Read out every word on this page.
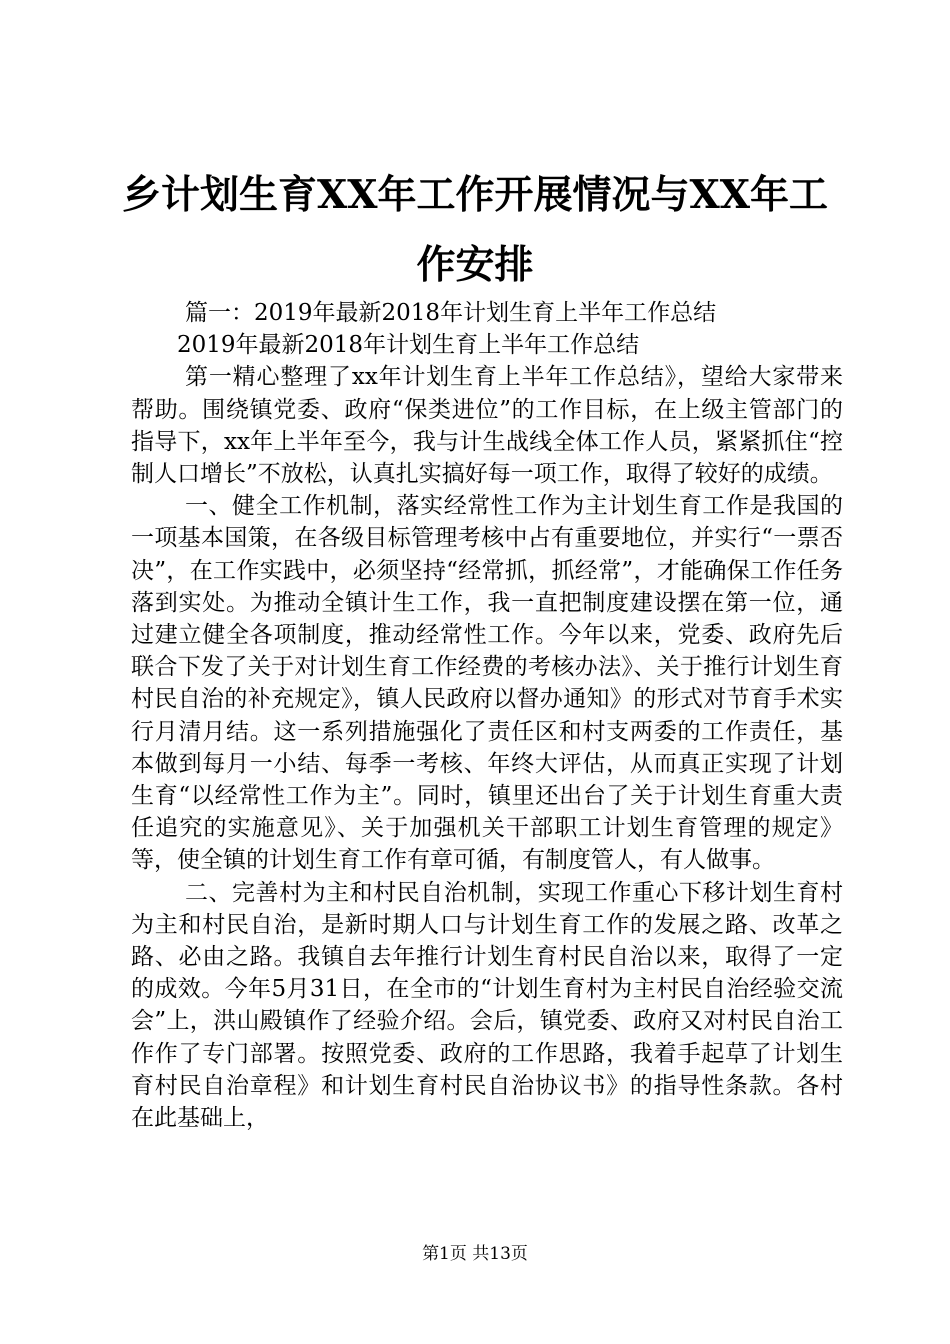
乡计划生育XX年工作开展情况与XX年工作安排

篇一：2019年最新2018年计划生育上半年工作总结

2019年最新2018年计划生育上半年工作总结

第一精心整理了xx年计划生育上半年工作总结》，望给大家带来帮助。围绕镇党委、政府“保类进位”的工作目标，在上级主管部门的指导下，xx年上半年至今，我与计生战线全体工作人员，紧紧抓住“控制人口增长”不放松，认真扎实搞好每一项工作，取得了较好的成绩。

一、健全工作机制，落实经常性工作为主计划生育工作是我国的一项基本国策，在各级目标管理考核中占有重要地位，并实行“一票否决”，在工作实践中，必须坚持“经常抓，抓经常”，才能确保工作任务落到实处。为推动全镇计生工作，我一直把制度建设摆在第一位，通过建立健全各项制度，推动经常性工作。今年以来，党委、政府先后联合下发了关于对计划生育工作经费的考核办法》、关于推行计划生育村民自治的补充规定》，镇人民政府以督办通知》的形式对节育手术实行月清月结。这一系列措施强化了责任区和村支两委的工作责任，基本做到每月一小结、每季一考核、年终大评估，从而真正实现了计划生育“以经常性工作为主”。同时，镇里还出台了关于计划生育重大责任追究的实施意见》、关于加强机关干部职工计划生育管理的规定》等，使全镇的计划生育工作有章可循，有制度管人，有人做事。

二、完善村为主和村民自治机制，实现工作重心下移计划生育村为主和村民自治，是新时期人口与计划生育工作的发展之路、改革之路、必由之路。我镇自去年推行计划生育村民自治以来，取得了一定的成效。今年5月31日，在全市的“计划生育村为主村民自治经验交流会”上，洪山殿镇作了经验介绍。会后，镇党委、政府又对村民自治工作作了专门部署。按照党委、政府的工作思路，我着手起草了计划生育村民自治章程》和计划生育村民自治协议书》的指导性条款。各村在此基础上，

第1页 共13页
